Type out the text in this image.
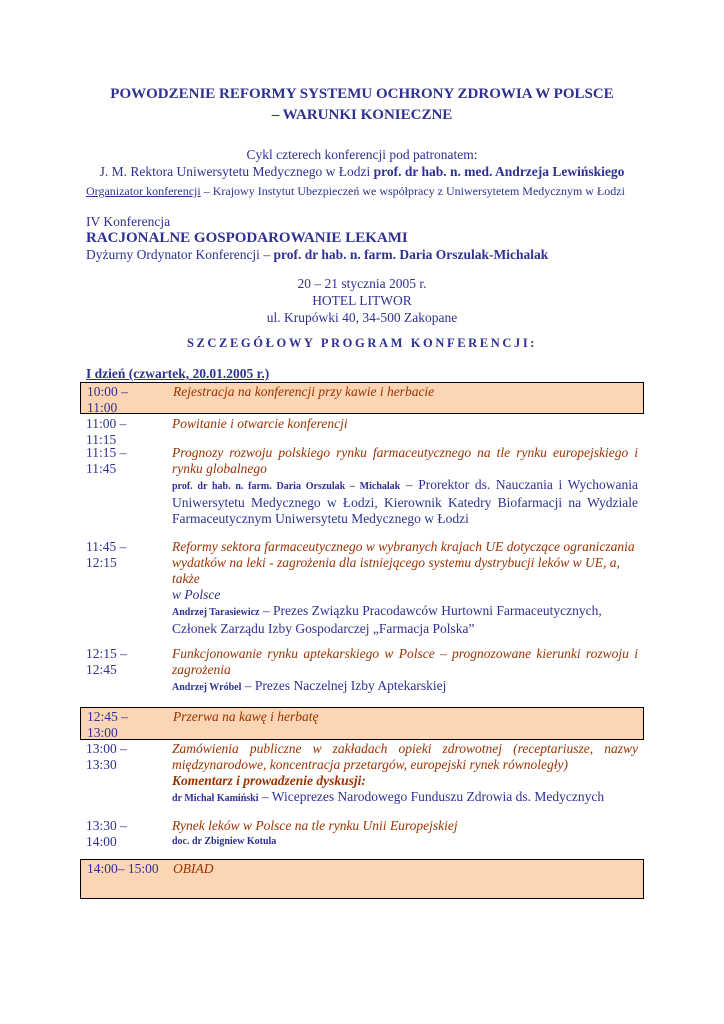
POWODZENIE REFORMY SYSTEMU OCHRONY ZDROWIA W POLSCE
– WARUNKI KONIECZNE
Cykl czterech konferencji pod patronatem:
J. M. Rektora Uniwersytetu Medycznego w Łodzi prof. dr hab. n. med. Andrzeja Lewińskiego
Organizator konferencji – Krajowy Instytut Ubezpieczeń we współpracy z Uniwersytetem Medycznym w Łodzi
IV Konferencja
RACJONALNE GOSPODAROWANIE LEKAMI
Dyżurny Ordynator Konferencji – prof. dr hab. n. farm. Daria Orszulak-Michalak
20 – 21 stycznia 2005 r.
HOTEL LITWOR
ul. Krupówki 40, 34-500 Zakopane
SZCZEGÓŁOWY PROGRAM KONFERENCJI:
I dzień (czwartek, 20.01.2005 r.)
10:00 –
11:00
Rejestracja na konferencji przy kawie i herbacie
11:00 –
11:15
Powitanie i otwarcie konferencji
11:15 –
11:45
Prognozy rozwoju polskiego rynku farmaceutycznego na tle rynku europejskiego i rynku globalnego
prof. dr hab. n. farm. Daria Orszulak – Michalak – Prorektor ds. Nauczania i Wychowania Uniwersytetu Medycznego w Łodzi, Kierownik Katedry Biofarmacji na Wydziale Farmaceutycznym Uniwersytetu Medycznego w Łodzi
11:45 –
12:15
Reformy sektora farmaceutycznego w wybranych krajach UE dotyczące ograniczania
wydatków na leki - zagrożenia dla istniejącego systemu dystrybucji leków w UE, a,
także
w Polsce
Andrzej Tarasiewicz – Prezes Związku Pracodawców Hurtowni Farmaceutycznych, Członek Zarządu Izby Gospodarczej „Farmacja Polska”
12:15 –
12:45
Funkcjonowanie rynku aptekarskiego w Polsce – prognozowane kierunki rozwoju i zagrożenia
Andrzej Wróbel – Prezes Naczelnej Izby Aptekarskiej
12:45 –
13:00
Przerwa na kawę i herbatę
13:00 –
13:30
Zamówienia publiczne w zakładach opieki zdrowotnej (receptariusze, nazwy międzynarodowe, koncentracja przetargów, europejski rynek równoległy)
Komentarz i prowadzenie dyskusji:
dr Michał Kamiński – Wiceprezes Narodowego Funduszu Zdrowia ds. Medycznych
13:30 –
14:00
Rynek leków w Polsce na tle rynku Unii Europejskiej
doc. dr Zbigniew Kotula
14:00– 15:00	OBIAD
